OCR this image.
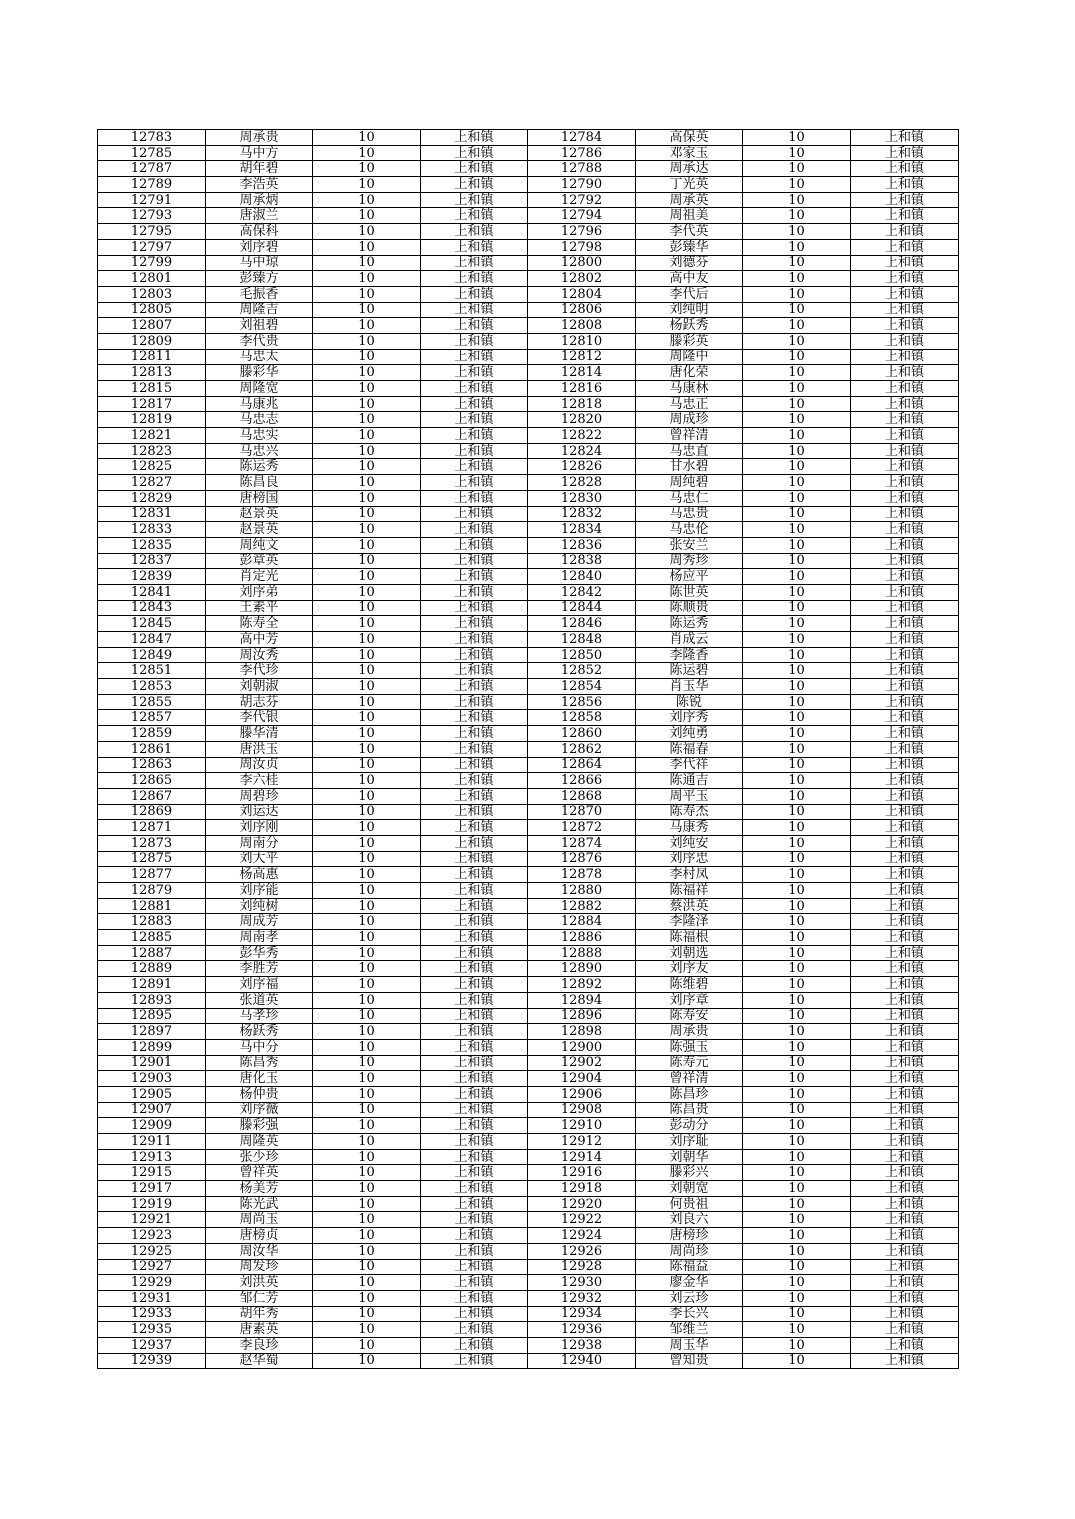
12783	周承贵	10	上和镇	12784	高保英	10	上和镇
12785	马中方	10	上和镇	12786	邓家玉	10	上和镇
12787	胡年碧	10	上和镇	12788	周承达	10	上和镇
12789	李浩英	10	上和镇	12790	丁光英	10	上和镇
12791	周承炳	10	上和镇	12792	周承英	10	上和镇
12793	唐淑兰	10	上和镇	12794	周祖美	10	上和镇
12795	高保科	10	上和镇	12796	李代英	10	上和镇
12797	刘序碧	10	上和镇	12798	彭臻华	10	上和镇
12799	马中琼	10	上和镇	12800	刘德芬	10	上和镇
12801	彭臻方	10	上和镇	12802	高中友	10	上和镇
12803	毛振香	10	上和镇	12804	李代后	10	上和镇
12805	周隆吉	10	上和镇	12806	刘纯明	10	上和镇
12807	刘祖碧	10	上和镇	12808	杨跃秀	10	上和镇
12809	李代贵	10	上和镇	12810	滕彩英	10	上和镇
12811	马忠太	10	上和镇	12812	周隆中	10	上和镇
12813	滕彩华	10	上和镇	12814	唐化荣	10	上和镇
12815	周隆宽	10	上和镇	12816	马康林	10	上和镇
12817	马康兆	10	上和镇	12818	马忠正	10	上和镇
12819	马忠志	10	上和镇	12820	周成珍	10	上和镇
12821	马忠实	10	上和镇	12822	曾祥清	10	上和镇
12823	马忠兴	10	上和镇	12824	马忠直	10	上和镇
12825	陈运秀	10	上和镇	12826	甘水碧	10	上和镇
12827	陈昌良	10	上和镇	12828	周纯碧	10	上和镇
12829	唐榜国	10	上和镇	12830	马忠仁	10	上和镇
12831	赵景英	10	上和镇	12832	马忠贵	10	上和镇
12833	赵景英	10	上和镇	12834	马忠伦	10	上和镇
12835	周纯文	10	上和镇	12836	张安兰	10	上和镇
12837	彭章英	10	上和镇	12838	周秀珍	10	上和镇
12839	肖定光	10	上和镇	12840	杨应平	10	上和镇
12841	刘序弟	10	上和镇	12842	陈世英	10	上和镇
12843	王素平	10	上和镇	12844	陈顺贵	10	上和镇
12845	陈寿全	10	上和镇	12846	陈运秀	10	上和镇
12847	高中芳	10	上和镇	12848	肖成云	10	上和镇
12849	周汝秀	10	上和镇	12850	李隆香	10	上和镇
12851	李代珍	10	上和镇	12852	陈运碧	10	上和镇
12853	刘朝淑	10	上和镇	12854	肖玉华	10	上和镇
12855	胡志芬	10	上和镇	12856	陈锐	10	上和镇
12857	李代银	10	上和镇	12858	刘序秀	10	上和镇
12859	滕华清	10	上和镇	12860	刘纯勇	10	上和镇
12861	唐洪玉	10	上和镇	12862	陈福春	10	上和镇
12863	周汝贞	10	上和镇	12864	李代祥	10	上和镇
12865	李六桂	10	上和镇	12866	陈通吉	10	上和镇
12867	周碧珍	10	上和镇	12868	周平玉	10	上和镇
12869	刘运达	10	上和镇	12870	陈寿杰	10	上和镇
12871	刘序刚	10	上和镇	12872	马康秀	10	上和镇
12873	周南分	10	上和镇	12874	刘纯安	10	上和镇
12875	刘大平	10	上和镇	12876	刘序忠	10	上和镇
12877	杨高惠	10	上和镇	12878	李村凤	10	上和镇
12879	刘序能	10	上和镇	12880	陈福祥	10	上和镇
12881	刘纯树	10	上和镇	12882	蔡洪英	10	上和镇
12883	周成芳	10	上和镇	12884	李隆泽	10	上和镇
12885	周南孝	10	上和镇	12886	陈福根	10	上和镇
12887	彭华秀	10	上和镇	12888	刘朝选	10	上和镇
12889	李胜芳	10	上和镇	12890	刘序友	10	上和镇
12891	刘序福	10	上和镇	12892	陈维碧	10	上和镇
12893	张道英	10	上和镇	12894	刘序章	10	上和镇
12895	马孝珍	10	上和镇	12896	陈寿安	10	上和镇
12897	杨跃秀	10	上和镇	12898	周承贵	10	上和镇
12899	马中分	10	上和镇	12900	陈强玉	10	上和镇
12901	陈昌秀	10	上和镇	12902	陈寿元	10	上和镇
12903	唐化玉	10	上和镇	12904	曾祥清	10	上和镇
12905	杨仲贵	10	上和镇	12906	陈昌珍	10	上和镇
12907	刘序薇	10	上和镇	12908	陈昌贵	10	上和镇
12909	滕彩强	10	上和镇	12910	彭动分	10	上和镇
12911	周隆英	10	上和镇	12912	刘序耻	10	上和镇
12913	张少珍	10	上和镇	12914	刘朝华	10	上和镇
12915	曾祥英	10	上和镇	12916	滕彩兴	10	上和镇
12917	杨美芳	10	上和镇	12918	刘朝宽	10	上和镇
12919	陈光武	10	上和镇	12920	何贵祖	10	上和镇
12921	周尚玉	10	上和镇	12922	刘良六	10	上和镇
12923	唐榜贞	10	上和镇	12924	唐榜珍	10	上和镇
12925	周汝华	10	上和镇	12926	周尚珍	10	上和镇
12927	周发珍	10	上和镇	12928	陈福益	10	上和镇
12929	刘洪英	10	上和镇	12930	廖金华	10	上和镇
12931	邹仁芳	10	上和镇	12932	刘云珍	10	上和镇
12933	胡年秀	10	上和镇	12934	李长兴	10	上和镇
12935	唐素英	10	上和镇	12936	邹维兰	10	上和镇
12937	李良珍	10	上和镇	12938	周玉华	10	上和镇
12939	赵华蜀	10	上和镇	12940	曾知贵	10	上和镇
